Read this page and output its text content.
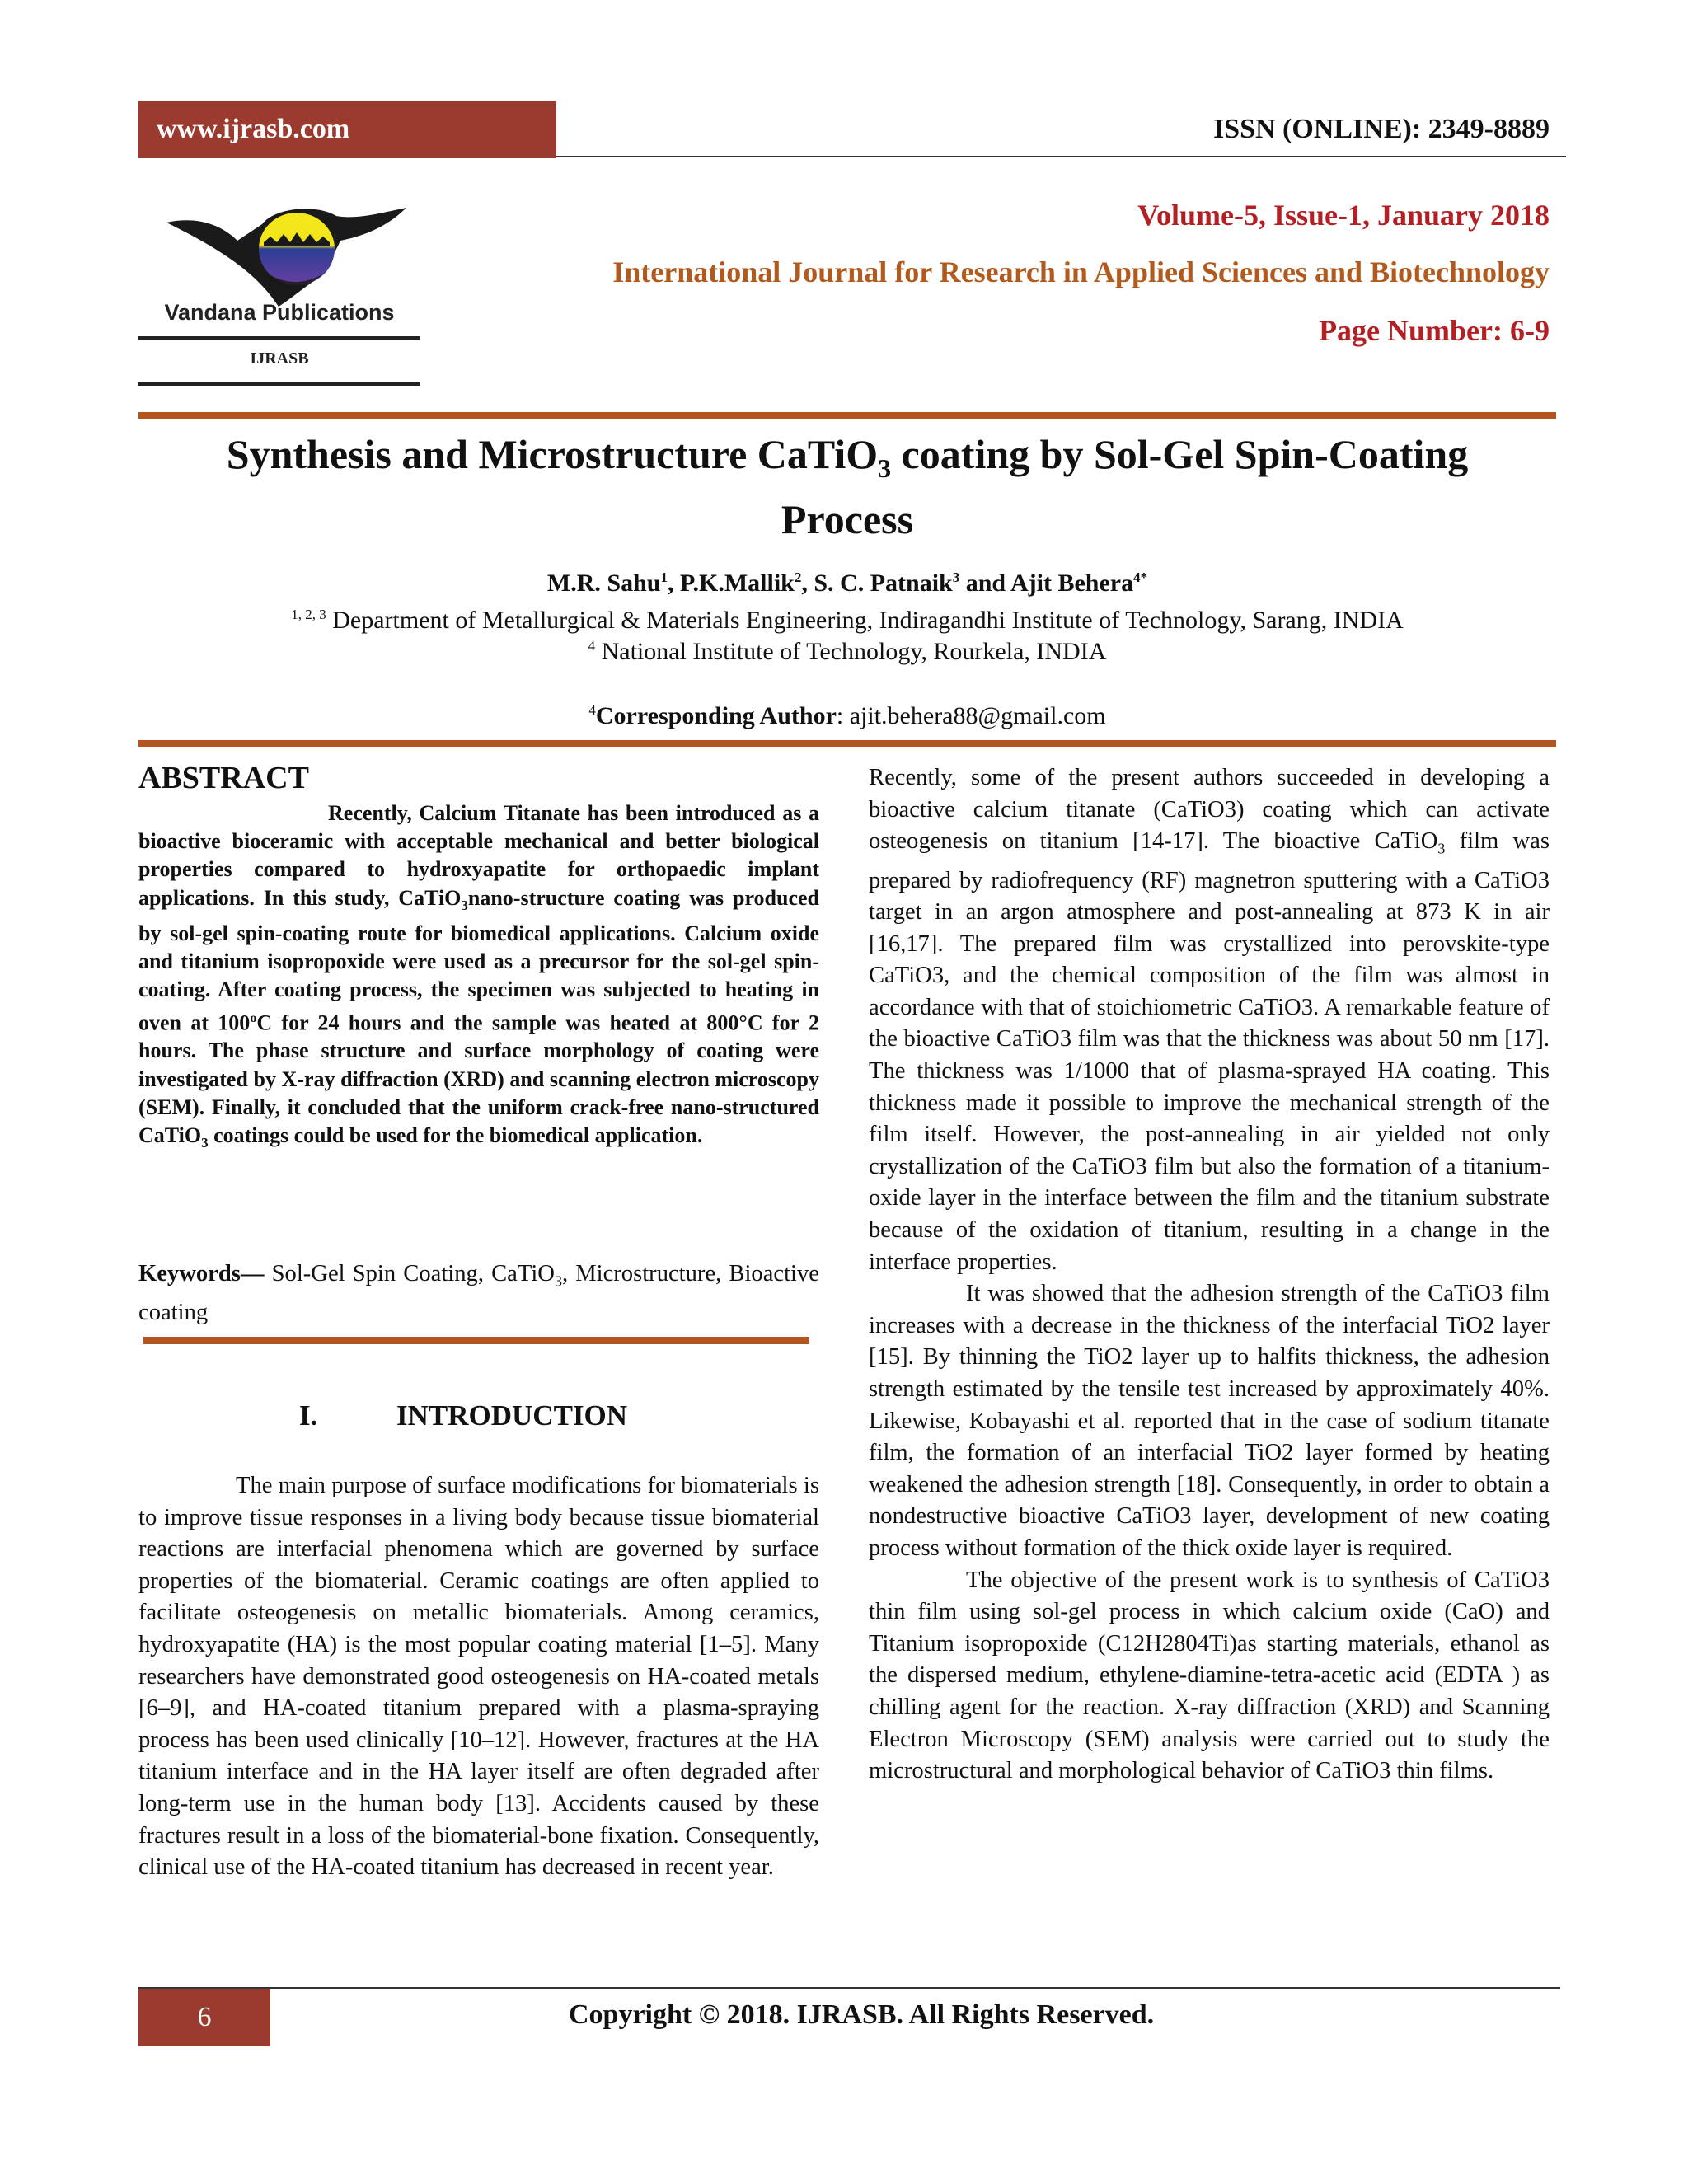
www.ijrasb.com	ISSN (ONLINE): 2349-8889
Vandana Publications
IJRASB
Volume-5, Issue-1, January 2018
International Journal for Research in Applied Sciences and Biotechnology
Page Number: 6-9
Synthesis and Microstructure CaTiO$_3$ coating by Sol-Gel Spin-Coating
Process
M.R. Sahu$^1$, P.K.Mallik$^2$, S. C. Patnaik$^3$ and Ajit Behera$^{4*}$
$^{1, 2, 3}$ Department of Metallurgical & Materials Engineering, Indiragandhi Institute of Technology, Sarang, INDIA
$^4$ National Institute of Technology, Rourkela, INDIA
$^4$Corresponding Author: ajit.behera88@gmail.com
ABSTRACT
Recently, Calcium Titanate has been introduced as a bioactive bioceramic with acceptable mechanical and better biological properties compared to hydroxyapatite for orthopaedic implant applications. In this study, CaTiO$_3$nano-structure coating was produced by sol-gel spin-coating route for biomedical applications. Calcium oxide and titanium isopropoxide were used as a precursor for the sol-gel spin-coating. After coating process, the specimen was subjected to heating in oven at 100$^o$C for 24 hours and the sample was heated at 800°C for 2 hours. The phase structure and surface morphology of coating were investigated by X-ray diffraction (XRD) and scanning electron microscopy (SEM). Finally, it concluded that the uniform crack-free nano-structured CaTiO$_3$ coatings could be used for the biomedical application.
Keywords— Sol-Gel Spin Coating, CaTiO$_3$, Microstructure, Bioactive coating
I.	INTRODUCTION
The main purpose of surface modifications for biomaterials is to improve tissue responses in a living body because tissue biomaterial reactions are interfacial phenomena which are governed by surface properties of the biomaterial. Ceramic coatings are often applied to facilitate osteogenesis on metallic biomaterials. Among ceramics, hydroxyapatite (HA) is the most popular coating material [1–5]. Many researchers have demonstrated good osteogenesis on HA-coated metals [6–9], and HA-coated titanium prepared with a plasma-spraying process has been used clinically [10–12]. However, fractures at the HA titanium interface and in the HA layer itself are often degraded after long-term use in the human body [13]. Accidents caused by these fractures result in a loss of the biomaterial-bone fixation. Consequently, clinical use of the HA-coated titanium has decreased in recent year.
Recently, some of the present authors succeeded in developing a bioactive calcium titanate (CaTiO3) coating which can activate osteogenesis on titanium [14-17]. The bioactive CaTiO$_3$ film was prepared by radiofrequency (RF) magnetron sputtering with a CaTiO3 target in an argon atmosphere and post-annealing at 873 K in air [16,17]. The prepared film was crystallized into perovskite-type CaTiO3, and the chemical composition of the film was almost in accordance with that of stoichiometric CaTiO3. A remarkable feature of the bioactive CaTiO3 film was that the thickness was about 50 nm [17]. The thickness was 1/1000 that of plasma-sprayed HA coating. This thickness made it possible to improve the mechanical strength of the film itself. However, the post-annealing in air yielded not only crystallization of the CaTiO3 film but also the formation of a titanium-oxide layer in the interface between the film and the titanium substrate because of the oxidation of titanium, resulting in a change in the interface properties.
It was showed that the adhesion strength of the CaTiO3 film increases with a decrease in the thickness of the interfacial TiO2 layer [15]. By thinning the TiO2 layer up to halfits thickness, the adhesion strength estimated by the tensile test increased by approximately 40%. Likewise, Kobayashi et al. reported that in the case of sodium titanate film, the formation of an interfacial TiO2 layer formed by heating weakened the adhesion strength [18]. Consequently, in order to obtain a nondestructive bioactive CaTiO3 layer, development of new coating process without formation of the thick oxide layer is required.
The objective of the present work is to synthesis of CaTiO3 thin film using sol-gel process in which calcium oxide (CaO) and Titanium isopropoxide (C12H2804Ti)as starting materials, ethanol as the dispersed medium, ethylene-diamine-tetra-acetic acid (EDTA ) as chilling agent for the reaction. X-ray diffraction (XRD) and Scanning Electron Microscopy (SEM) analysis were carried out to study the microstructural and morphological behavior of CaTiO3 thin films.
6	Copyright © 2018. IJRASB. All Rights Reserved.
